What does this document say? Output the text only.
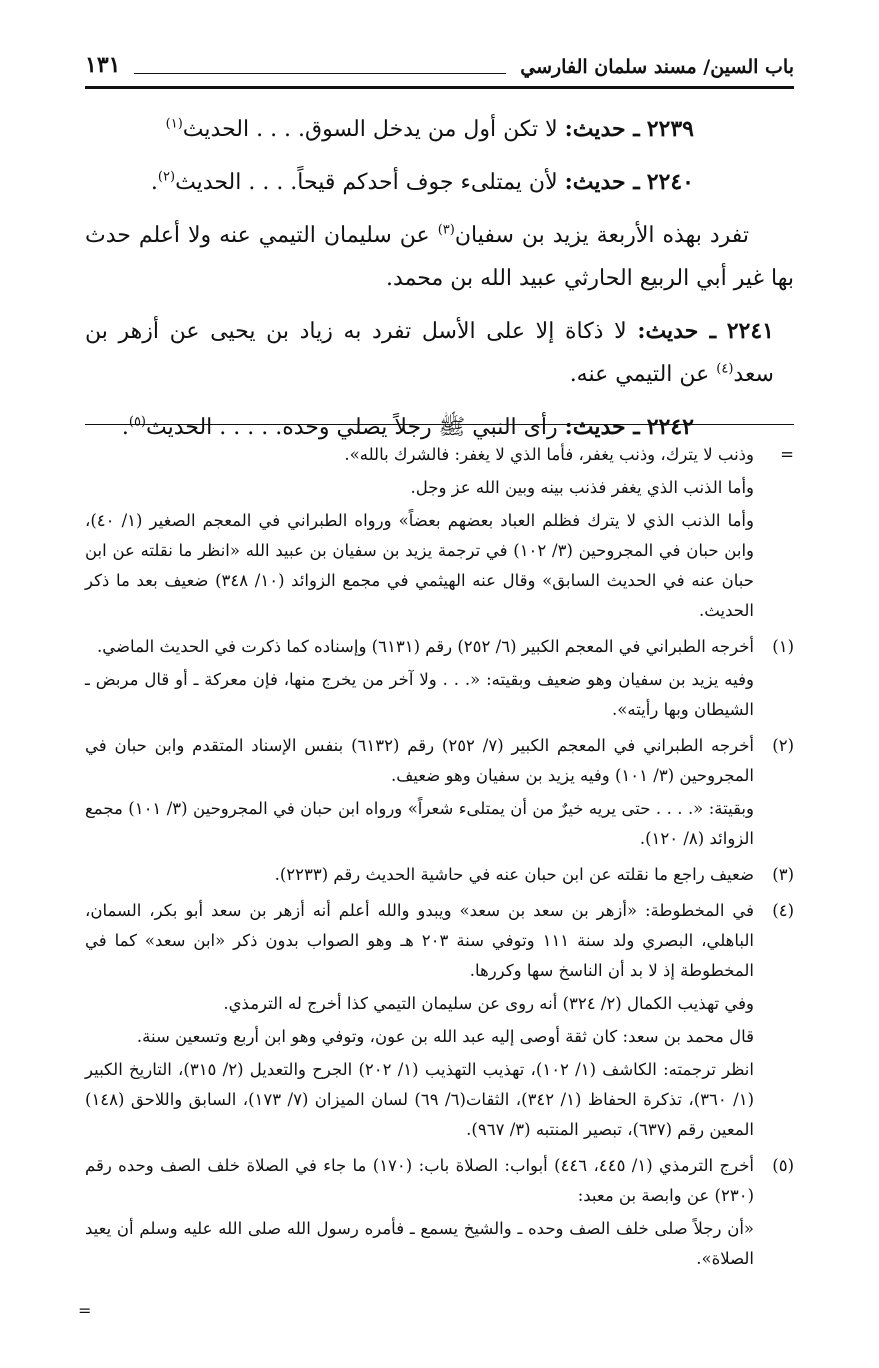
باب السين/ مسند سلمان الفارسي
١٣١

٢٢٣٩ ـ حديث: لا تكن أول من يدخل السوق. . . . الحديث$^{(١)}$

٢٢٤٠ ـ حديث: لأن يمتلىء جوف أحدكم قيحاً. . . . الحديث$^{(٢)}$.

تفرد بهذه الأربعة يزيد بن سفيان$^{(٣)}$ عن سليمان التيمي عنه ولا أعلم حدث بها غير أبي الربيع الحارثي عبيد الله بن محمد.

٢٢٤١ ـ حديث: لا ذكاة إلا على الأسل تفرد به زياد بن يحيى عن أزهر بن سعد$^{(٤)}$ عن التيمي عنه.

٢٢٤٢ ـ حديث: رأى النبي ﷺ رجلاً يصلي وحده. . . . . الحديث$^{(٥)}$.

=

وذنب لا يترك، وذنب يغفر، فأما الذي لا يغفر: فالشرك بالله».

وأما الذنب الذي يغفر فذنب بينه وبين الله عز وجل.

وأما الذنب الذي لا يترك فظلم العباد بعضهم بعضاً» ورواه الطبراني في المعجم الصغير (١/ ٤٠)، وابن حبان في المجروحين (٣/ ١٠٢) في ترجمة يزيد بن سفيان بن عبيد الله «انظر ما نقلته عن ابن حبان عنه في الحديث السابق» وقال عنه الهيثمي في مجمع الزوائد (١٠/ ٣٤٨) ضعيف بعد ما ذكر الحديث.

(١)

أخرجه الطبراني في المعجم الكبير (٦/ ٢٥٢) رقم (٦١٣١) وإسناده كما ذكرت في الحديث الماضي.

وفيه يزيد بن سفيان وهو ضعيف وبقيته: «. . . ولا آخر من يخرج منها، فإن معركة ـ أو قال مربض ـ الشيطان وبها رأيته».

(٢)

أخرجه الطبراني في المعجم الكبير (٧/ ٢٥٢) رقم (٦١٣٢) بنفس الإسناد المتقدم وابن حبان في المجروحين (٣/ ١٠١) وفيه يزيد بن سفيان وهو ضعيف.

وبقيتة: «. . . . حتى يريه خيرٌ من أن يمتلىء شعراً» ورواه ابن حبان في المجروحين (٣/ ١٠١) مجمع الزوائد (٨/ ١٢٠).

(٣)

ضعيف راجع ما نقلته عن ابن حبان عنه في حاشية الحديث رقم (٢٢٣٣).

(٤)

في المخطوطة: «أزهر بن سعد بن سعد» ويبدو والله أعلم أنه أزهر بن سعد أبو بكر، السمان، الباهلي، البصري ولد سنة ١١١ وتوفي سنة ٢٠٣ هـ وهو الصواب بدون ذكر «ابن سعد» كما في المخطوطة إذ لا بد أن الناسخ سها وكررها.

وفي تهذيب الكمال (٢/ ٣٢٤) أنه روى عن سليمان التيمي كذا أخرج له الترمذي.

قال محمد بن سعد: كان ثقة أوصى إليه عبد الله بن عون، وتوفي وهو ابن أربع وتسعين سنة.

انظر ترجمته: الكاشف (١/ ١٠٢)، تهذيب التهذيب (١/ ٢٠٢) الجرح والتعديل (٢/ ٣١٥)، التاريخ الكبير (١/ ٣٦٠)، تذكرة الحفاظ (١/ ٣٤٢)، الثقات(٦/ ٦٩) لسان الميزان (٧/ ١٧٣)، السابق واللاحق (١٤٨) المعين رقم (٦٣٧)، تبصير المنتبه (٣/ ٩٦٧).

(٥)

أخرج الترمذي (١/ ٤٤٥، ٤٤٦) أبواب: الصلاة باب: (١٧٠) ما جاء في الصلاة خلف الصف وحده رقم (٢٣٠) عن وابصة بن معبد:

«أن رجلاً صلى خلف الصف وحده ـ والشيخ يسمع ـ فأمره رسول الله صلى الله عليه وسلم أن يعيد الصلاة».

=
